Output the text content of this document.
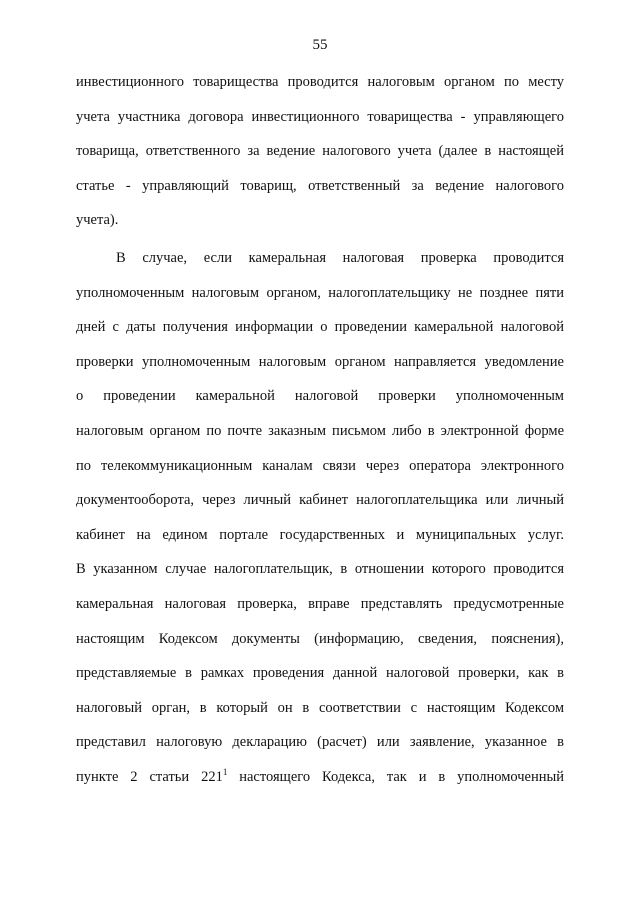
55
инвестиционного товарищества проводится налоговым органом по месту
учета участника договора инвестиционного товарищества - управляющего
товарища, ответственного за ведение налогового учета (далее в настоящей
статье - управляющий товарищ, ответственный за ведение налогового
учета).
В случае, если камеральная налоговая проверка проводится
уполномоченным налоговым органом, налогоплательщику не позднее пяти
дней с даты получения информации о проведении камеральной налоговой
проверки уполномоченным налоговым органом направляется уведомление
о проведении камеральной налоговой проверки уполномоченным
налоговым органом по почте заказным письмом либо в электронной форме
по телекоммуникационным каналам связи через оператора электронного
документооборота, через личный кабинет налогоплательщика или личный
кабинет на едином портале государственных и муниципальных услуг.
В указанном случае налогоплательщик, в отношении которого проводится
камеральная налоговая проверка, вправе представлять предусмотренные
настоящим Кодексом документы (информацию, сведения, пояснения),
представляемые в рамках проведения данной налоговой проверки, как в
налоговый орган, в который он в соответствии с настоящим Кодексом
представил налоговую декларацию (расчет) или заявление, указанное в
пункте 2 статьи $221^1$ настоящего Кодекса, так и в уполномоченный
